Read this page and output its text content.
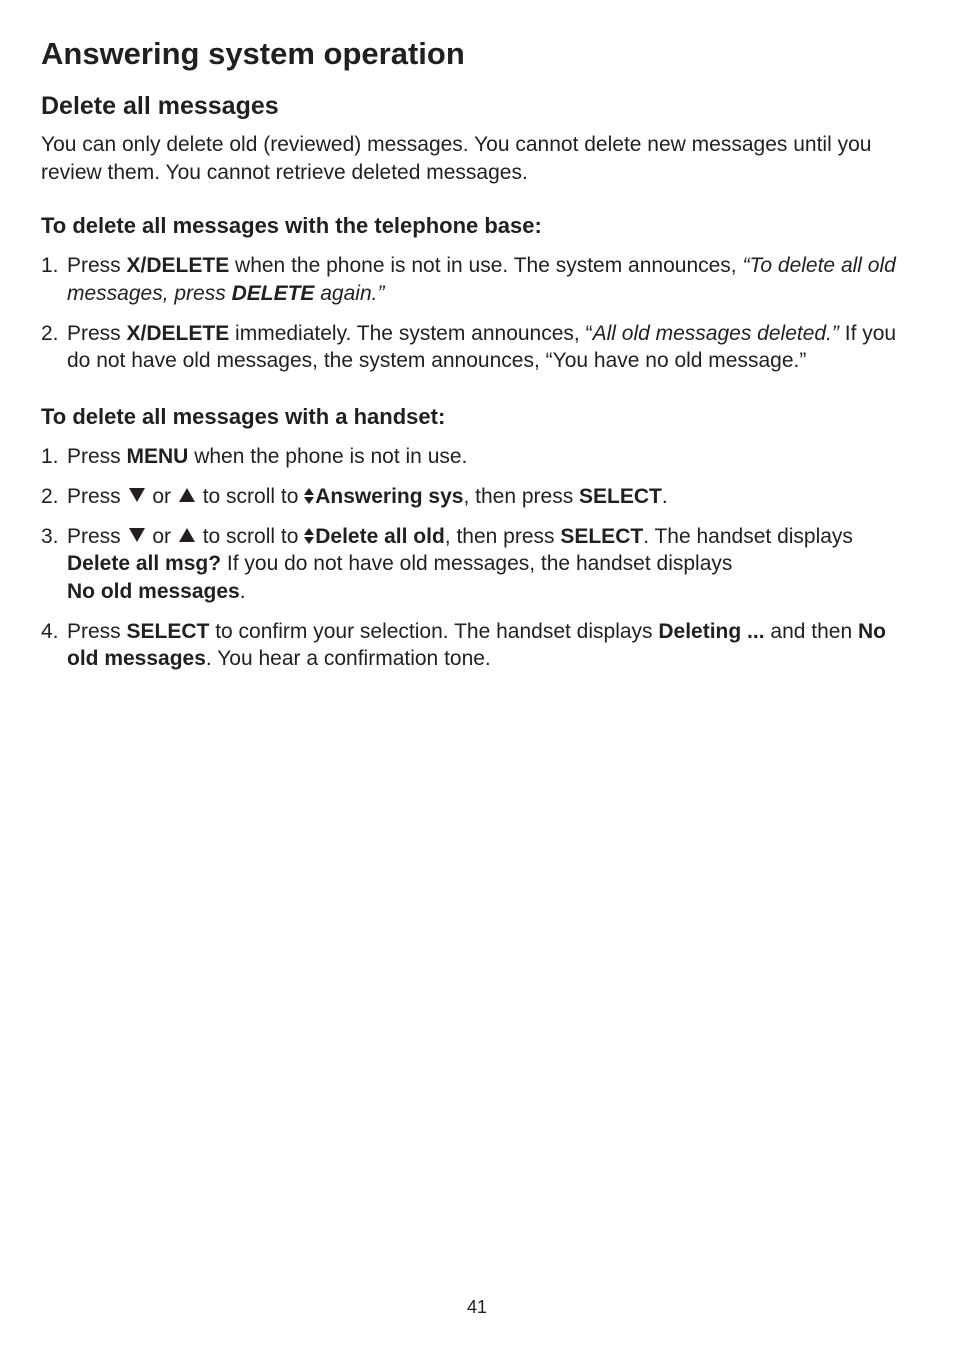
Answering system operation
Delete all messages

You can only delete old (reviewed) messages. You cannot delete new messages until you review them. You cannot retrieve deleted messages.

To delete all messages with the telephone base:
1. Press X/DELETE when the phone is not in use. The system announces, “To delete all old messages, press DELETE again.”
2. Press X/DELETE immediately. The system announces, “All old messages deleted.” If you do not have old messages, the system announces, “You have no old message.”
To delete all messages with a handset:
1. Press MENU when the phone is not in use.
2. Press  or  to scroll to Answering sys, then press SELECT.
3. Press  or  to scroll to Delete all old, then press SELECT. The handset displays Delete all msg? If you do not have old messages, the handset displays
No old messages.
4. Press SELECT to confirm your selection. The handset displays Deleting ... and then No old messages. You hear a confirmation tone.
41
